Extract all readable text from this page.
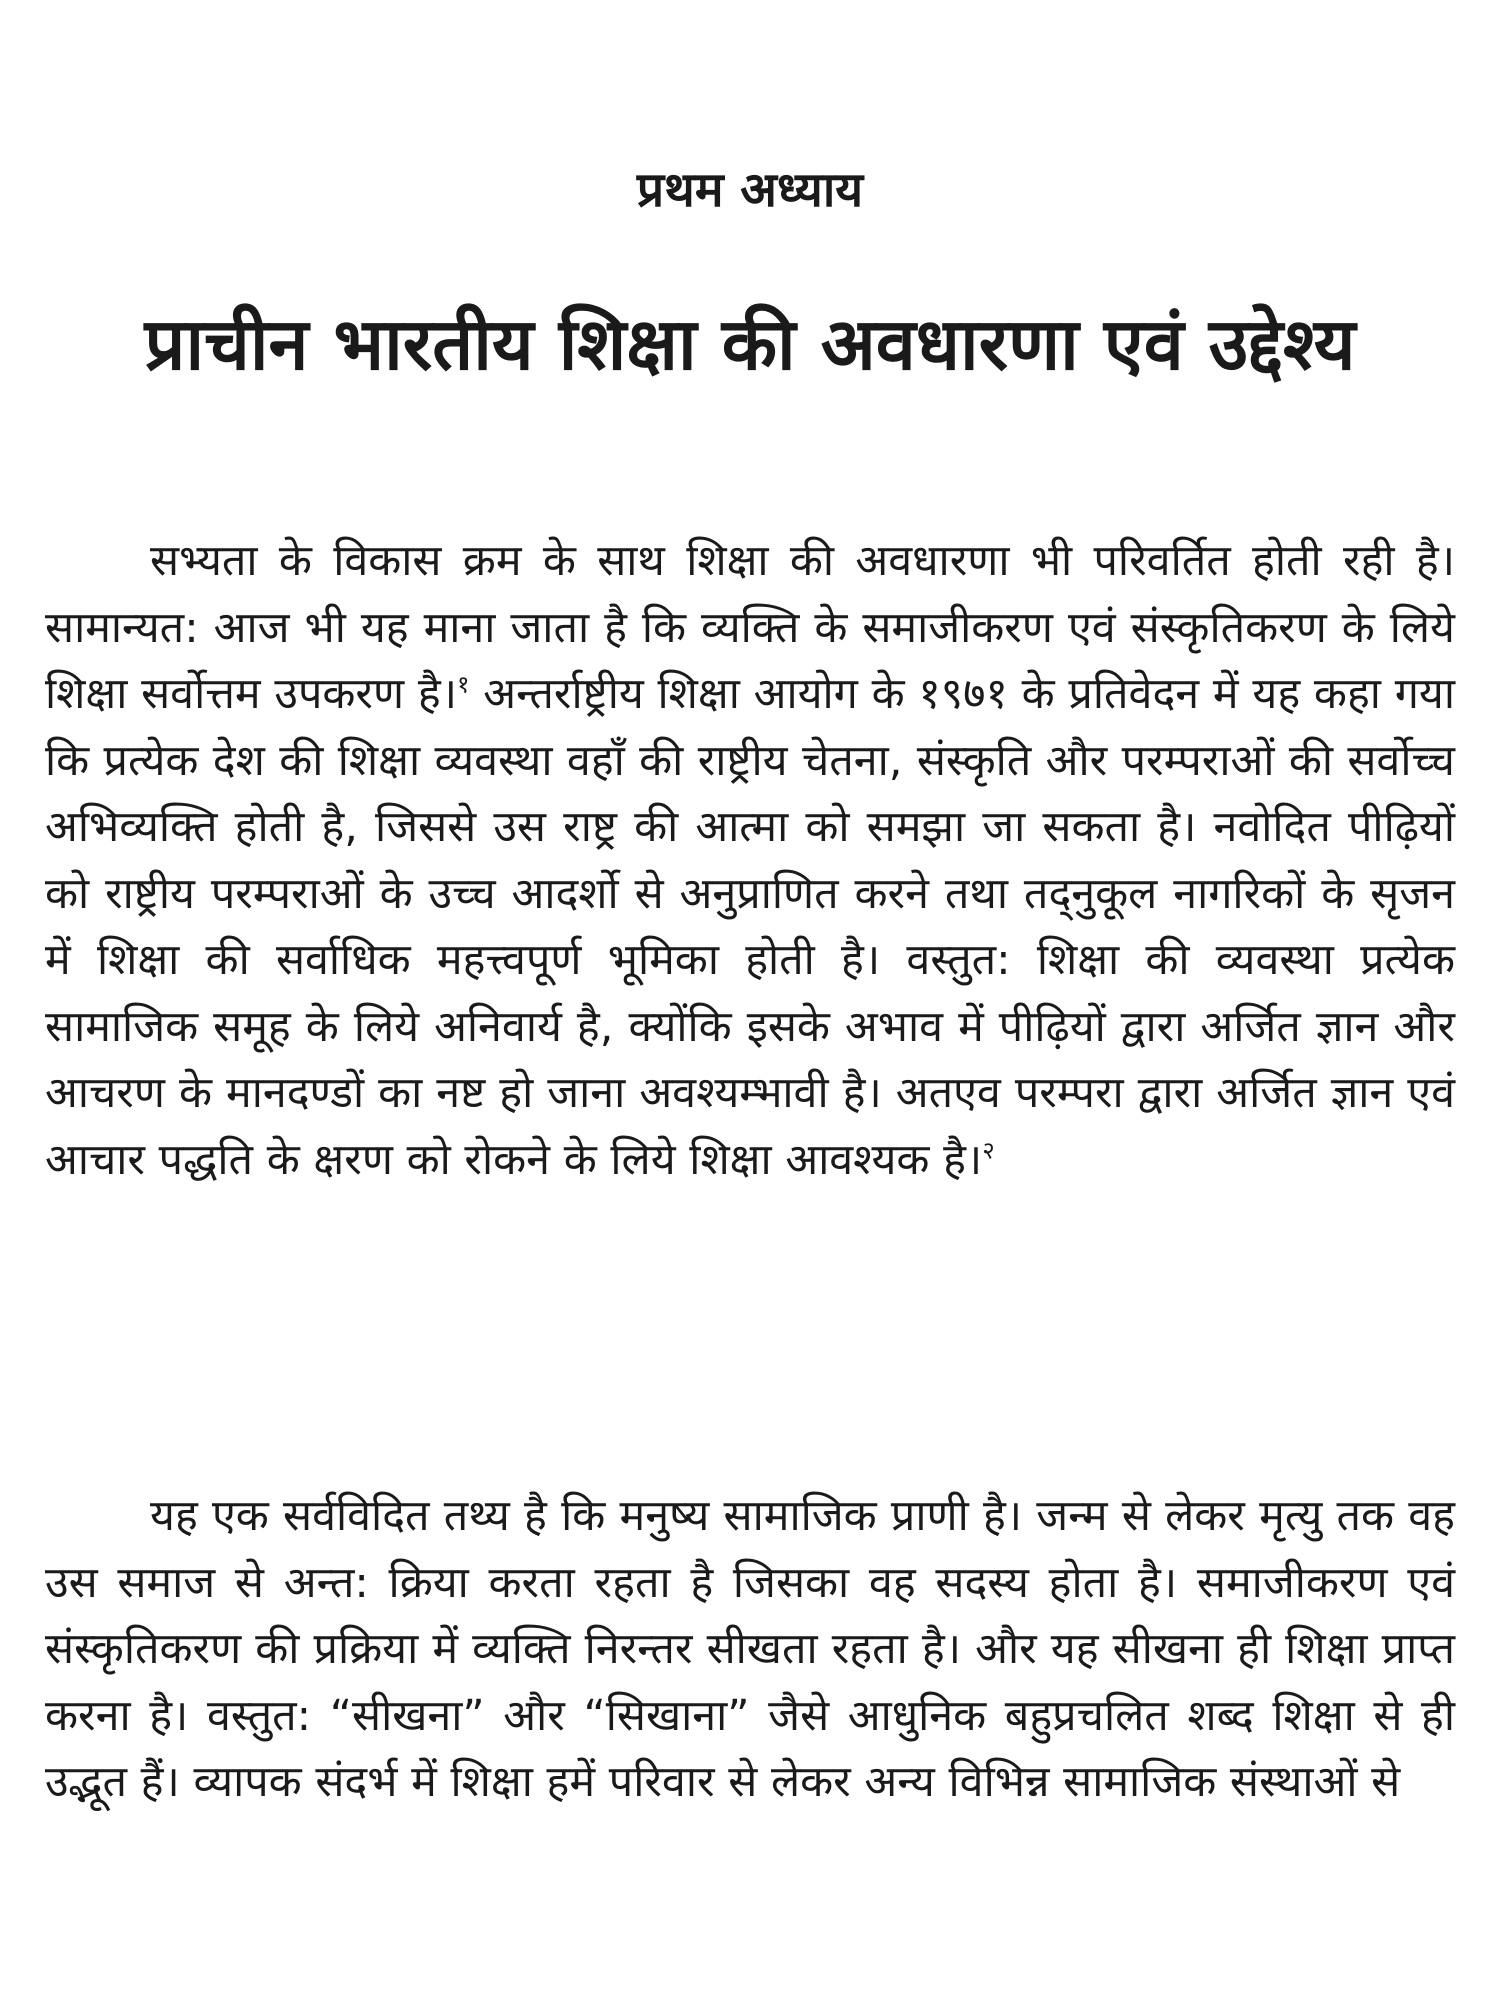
प्रथम अध्याय
प्राचीन भारतीय शिक्षा की अवधारणा एवं उद्देश्य

सभ्यता के विकास क्रम के साथ शिक्षा की अवधारणा भी परिवर्तित होती रही है। सामान्यत: आज भी यह माना जाता है कि व्यक्ति के समाजीकरण एवं संस्कृतिकरण के लिये शिक्षा सर्वोत्तम उपकरण है।$^१$ अन्तर्राष्ट्रीय शिक्षा आयोग के १९७१ के प्रतिवेदन में यह कहा गया कि प्रत्येक देश की शिक्षा व्यवस्था वहाँ की राष्ट्रीय चेतना, संस्कृति और परम्पराओं की सर्वोच्च अभिव्यक्ति होती है, जिससे उस राष्ट्र की आत्मा को समझा जा सकता है। नवोदित पीढ़ियों को राष्ट्रीय परम्पराओं के उच्च आदर्शो से अनुप्राणित करने तथा तद्नुकूल नागरिकों के सृजन में शिक्षा की सर्वाधिक महत्त्वपूर्ण भूमिका होती है। वस्तुत: शिक्षा की व्यवस्था प्रत्येक सामाजिक समूह के लिये अनिवार्य है, क्योंकि इसके अभाव में पीढ़ियों द्वारा अर्जित ज्ञान और आचरण के मानदण्डों का नष्ट हो जाना अवश्यम्भावी है। अतएव परम्परा द्वारा अर्जित ज्ञान एवं आचार पद्धति के क्षरण को रोकने के लिये शिक्षा आवश्यक है।$^२$

यह एक सर्वविदित तथ्य है कि मनुष्य सामाजिक प्राणी है। जन्म से लेकर मृत्यु तक वह उस समाज से अन्त: क्रिया करता रहता है जिसका वह सदस्य होता है। समाजीकरण एवं संस्कृतिकरण की प्रक्रिया में व्यक्ति निरन्तर सीखता रहता है। और यह सीखना ही शिक्षा प्राप्त करना है। वस्तुत: “सीखना” और “सिखाना” जैसे आधुनिक बहुप्रचलित शब्द शिक्षा से ही उद्भूत हैं। व्यापक संदर्भ में शिक्षा हमें परिवार से लेकर अन्य विभिन्न सामाजिक संस्थाओं से
